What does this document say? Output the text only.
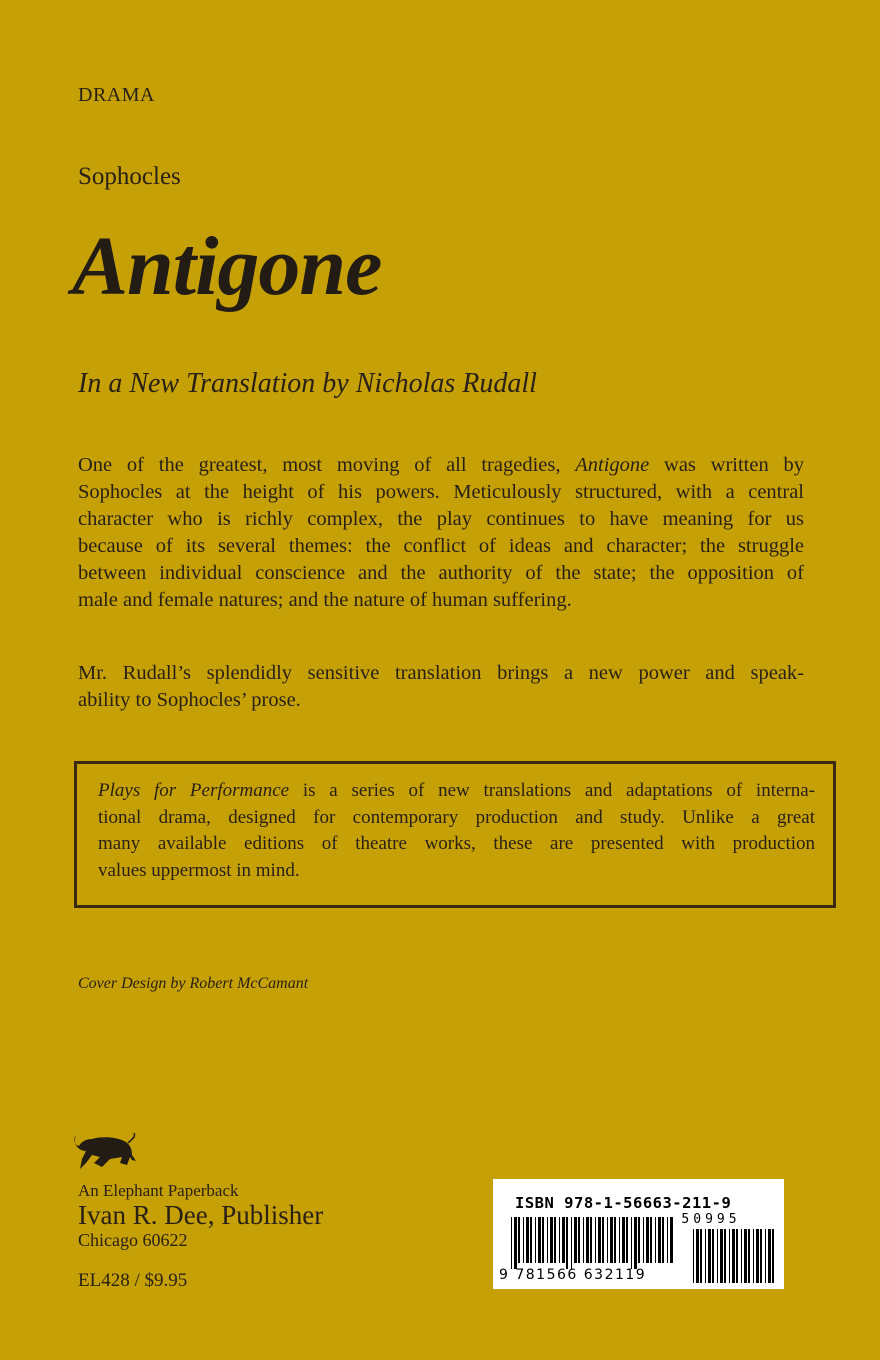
DRAMA
Sophocles
Antigone
In a New Translation by Nicholas Rudall
One of the greatest, most moving of all tragedies, Antigone was written by
Sophocles at the height of his powers. Meticulously structured, with a central
character who is richly complex, the play continues to have meaning for us
because of its several themes: the conflict of ideas and character; the struggle
between individual conscience and the authority of the state; the opposition of
male and female natures; and the nature of human suffering.
Mr. Rudall’s splendidly sensitive translation brings a new power and speak-
ability to Sophocles’ prose.
Plays for Performance is a series of new translations and adaptations of interna-
tional drama, designed for contemporary production and study. Unlike a great
many available editions of theatre works, these are presented with production
values uppermost in mind.
Cover Design by Robert McCamant
An Elephant Paperback
Ivan R. Dee, Publisher
Chicago 60622
EL428 / $9.95
ISBN 978-1-56663-211-9
50995
9 781566 632119
